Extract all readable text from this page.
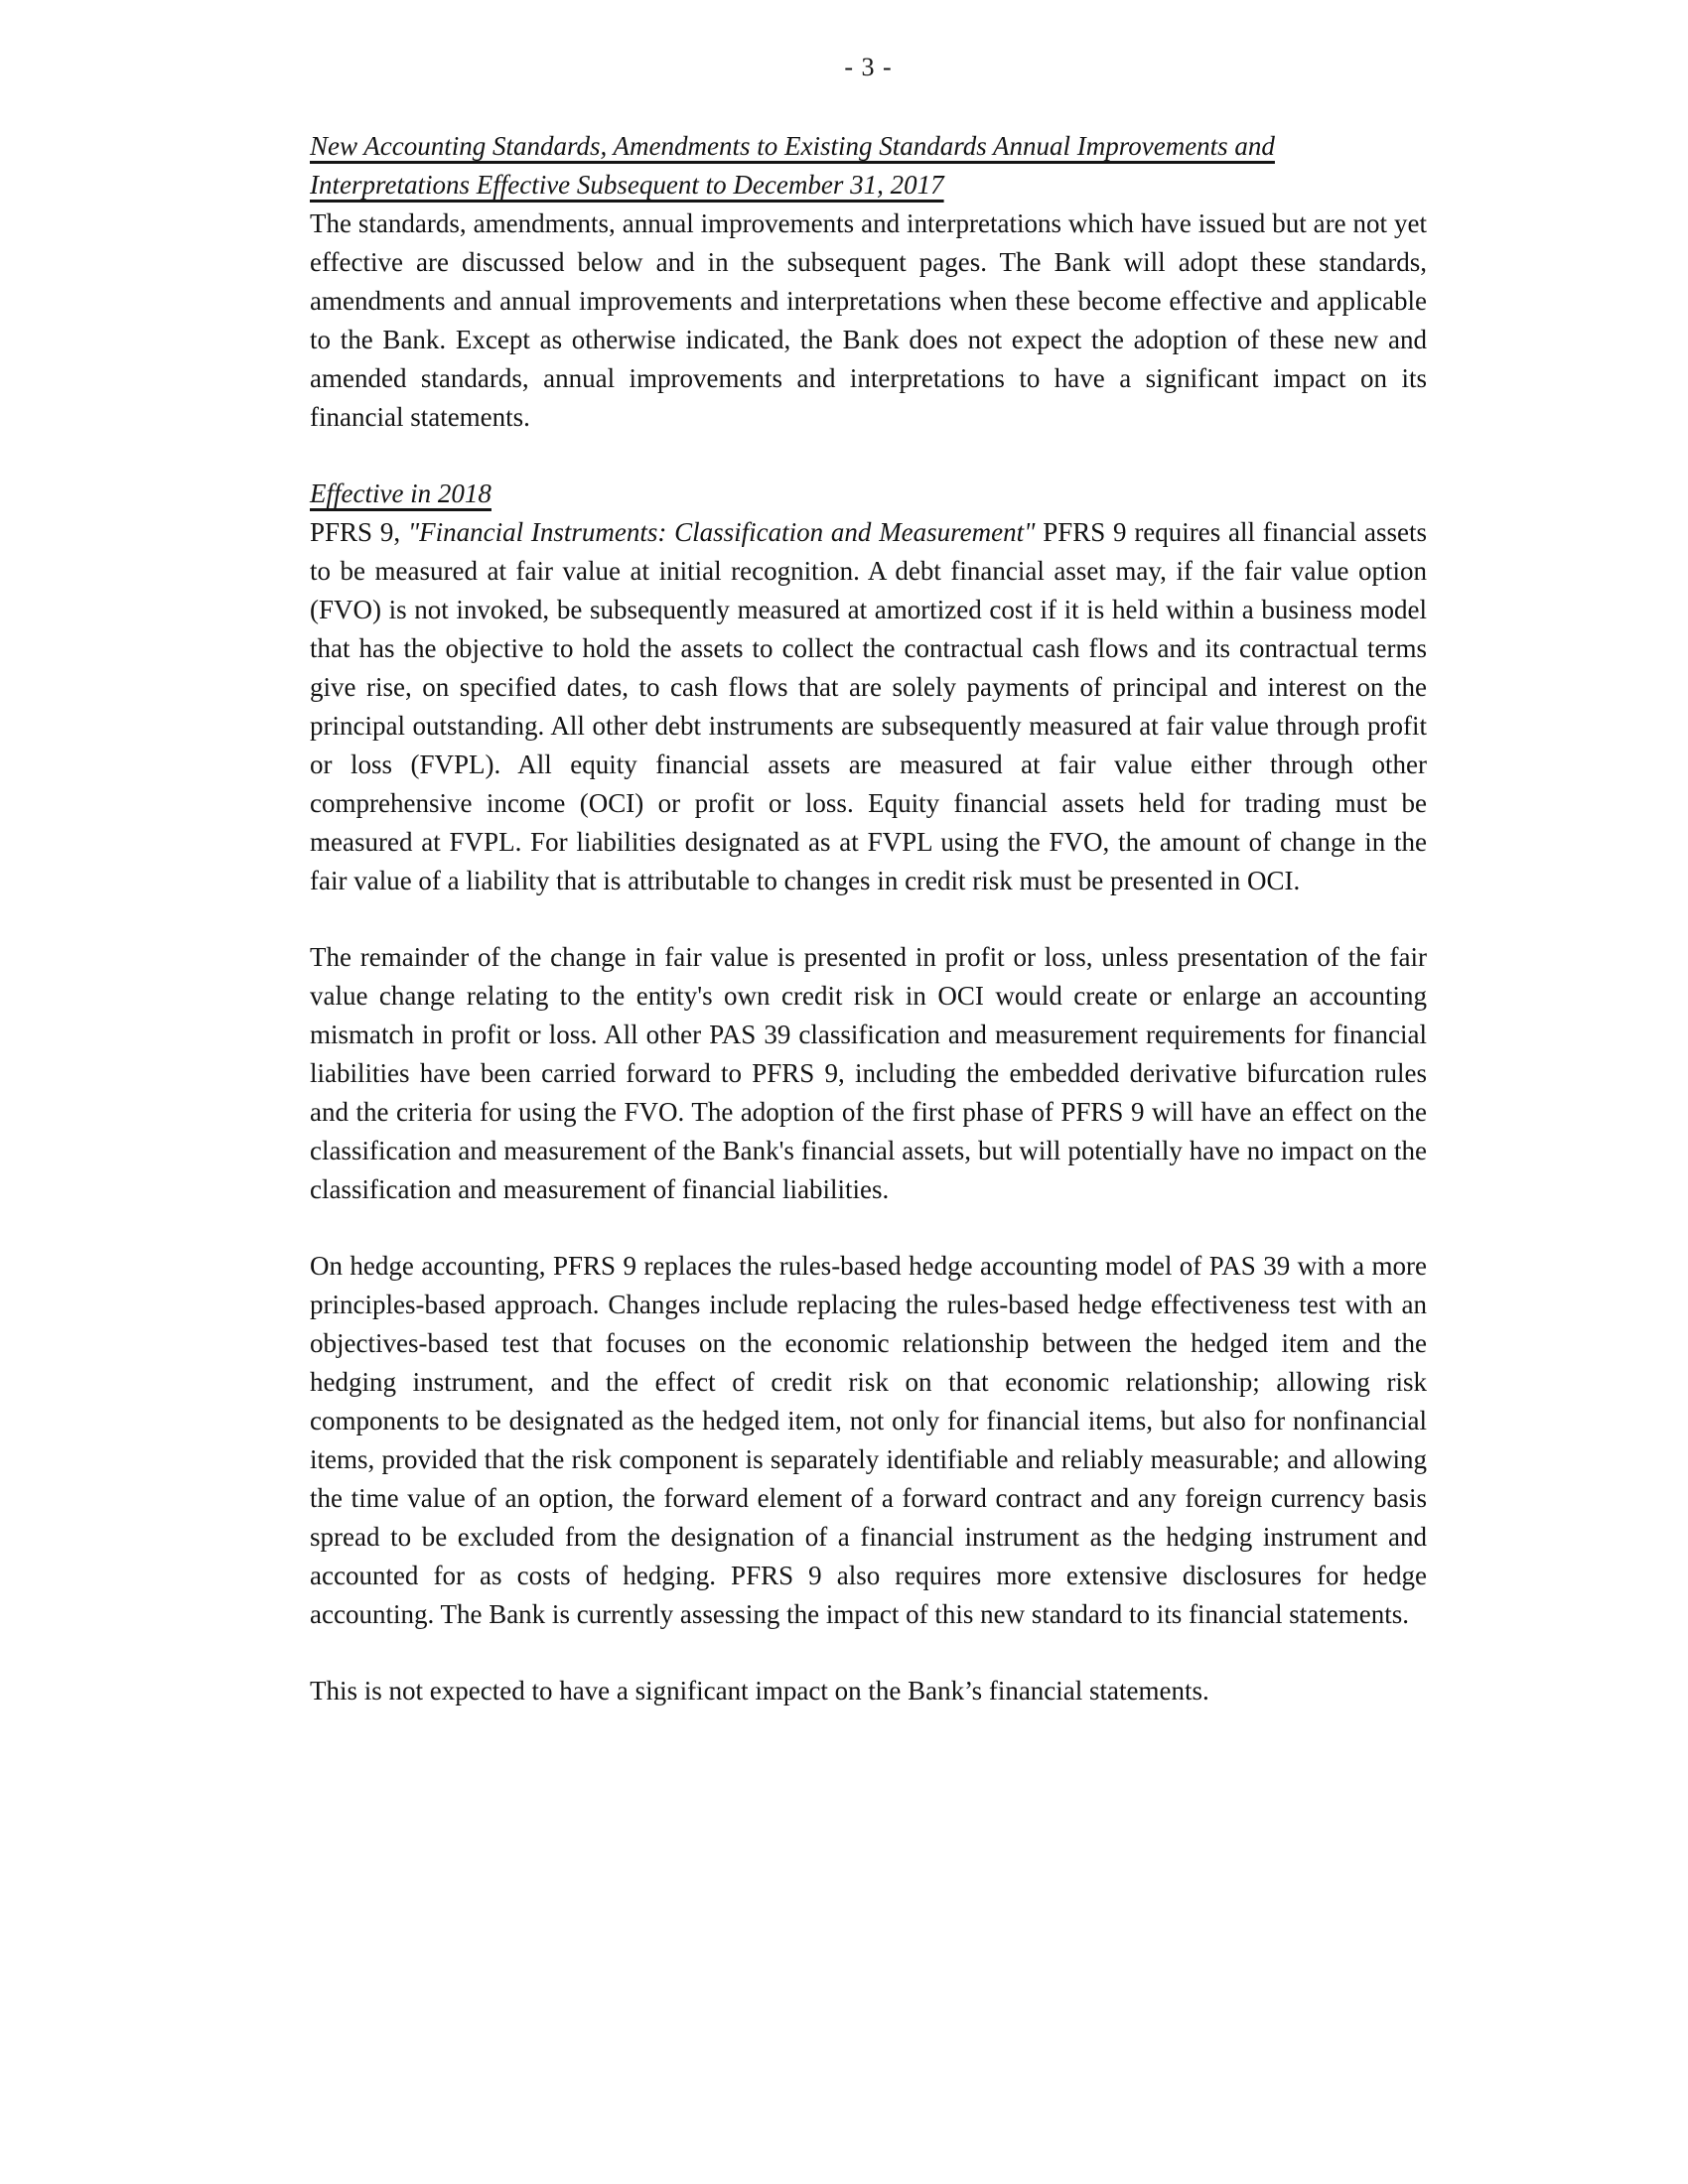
- 3 -
New Accounting Standards, Amendments to Existing Standards Annual Improvements and Interpretations Effective Subsequent to December 31, 2017

The standards, amendments, annual improvements and interpretations which have issued but are not yet effective are discussed below and in the subsequent pages. The Bank will adopt these standards, amendments and annual improvements and interpretations when these become effective and applicable to the Bank. Except as otherwise indicated, the Bank does not expect the adoption of these new and amended standards, annual improvements and interpretations to have a significant impact on its financial statements.

Effective in 2018

PFRS 9, "Financial Instruments: Classification and Measurement" PFRS 9 requires all financial assets to be measured at fair value at initial recognition. A debt financial asset may, if the fair value option (FVO) is not invoked, be subsequently measured at amortized cost if it is held within a business model that has the objective to hold the assets to collect the contractual cash flows and its contractual terms give rise, on specified dates, to cash flows that are solely payments of principal and interest on the principal outstanding. All other debt instruments are subsequently measured at fair value through profit or loss (FVPL). All equity financial assets are measured at fair value either through other comprehensive income (OCI) or profit or loss. Equity financial assets held for trading must be measured at FVPL. For liabilities designated as at FVPL using the FVO, the amount of change in the fair value of a liability that is attributable to changes in credit risk must be presented in OCI.

The remainder of the change in fair value is presented in profit or loss, unless presentation of the fair value change relating to the entity's own credit risk in OCI would create or enlarge an accounting mismatch in profit or loss. All other PAS 39 classification and measurement requirements for financial liabilities have been carried forward to PFRS 9, including the embedded derivative bifurcation rules and the criteria for using the FVO. The adoption of the first phase of PFRS 9 will have an effect on the classification and measurement of the Bank's financial assets, but will potentially have no impact on the classification and measurement of financial liabilities.

On hedge accounting, PFRS 9 replaces the rules-based hedge accounting model of PAS 39 with a more principles-based approach. Changes include replacing the rules-based hedge effectiveness test with an objectives-based test that focuses on the economic relationship between the hedged item and the hedging instrument, and the effect of credit risk on that economic relationship; allowing risk components to be designated as the hedged item, not only for financial items, but also for nonfinancial items, provided that the risk component is separately identifiable and reliably measurable; and allowing the time value of an option, the forward element of a forward contract and any foreign currency basis spread to be excluded from the designation of a financial instrument as the hedging instrument and accounted for as costs of hedging. PFRS 9 also requires more extensive disclosures for hedge accounting. The Bank is currently assessing the impact of this new standard to its financial statements.

This is not expected to have a significant impact on the Bank’s financial statements.
